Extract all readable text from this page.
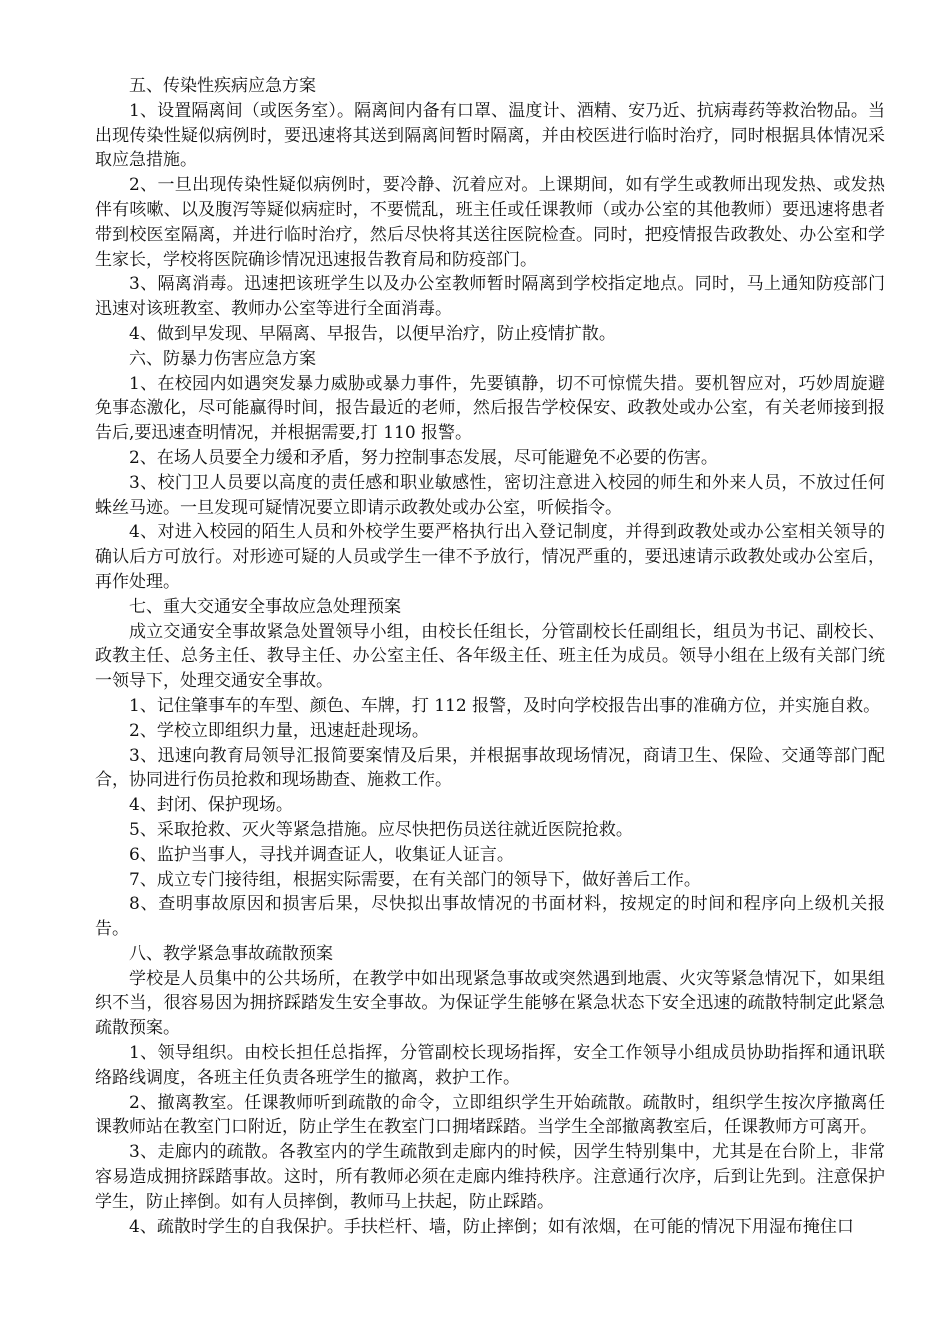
五、传染性疾病应急方案

1、设置隔离间（或医务室）。隔离间内备有口罩、温度计、酒精、安乃近、抗病毒药等救治物品。当出现传染性疑似病例时，要迅速将其送到隔离间暂时隔离，并由校医进行临时治疗，同时根据具体情况采取应急措施。

2、一旦出现传染性疑似病例时，要冷静、沉着应对。上课期间，如有学生或教师出现发热、或发热伴有咳嗽、以及腹泻等疑似病症时，不要慌乱，班主任或任课教师（或办公室的其他教师）要迅速将患者带到校医室隔离，并进行临时治疗，然后尽快将其送往医院检查。同时，把疫情报告政教处、办公室和学生家长，学校将医院确诊情况迅速报告教育局和防疫部门。

3、隔离消毒。迅速把该班学生以及办公室教师暂时隔离到学校指定地点。同时，马上通知防疫部门迅速对该班教室、教师办公室等进行全面消毒。

4、做到早发现、早隔离、早报告，以便早治疗，防止疫情扩散。

六、防暴力伤害应急方案

1、在校园内如遇突发暴力威胁或暴力事件，先要镇静，切不可惊慌失措。要机智应对，巧妙周旋避免事态激化，尽可能赢得时间，报告最近的老师，然后报告学校保安、政教处或办公室，有关老师接到报告后,要迅速查明情况，并根据需要,打 110 报警。

2、在场人员要全力缓和矛盾，努力控制事态发展，尽可能避免不必要的伤害。

3、校门卫人员要以高度的责任感和职业敏感性，密切注意进入校园的师生和外来人员，不放过任何蛛丝马迹。一旦发现可疑情况要立即请示政教处或办公室，听候指令。

4、对进入校园的陌生人员和外校学生要严格执行出入登记制度，并得到政教处或办公室相关领导的确认后方可放行。对形迹可疑的人员或学生一律不予放行，情况严重的，要迅速请示政教处或办公室后，再作处理。

七、重大交通安全事故应急处理预案

成立交通安全事故紧急处置领导小组，由校长任组长，分管副校长任副组长，组员为书记、副校长、政教主任、总务主任、教导主任、办公室主任、各年级主任、班主任为成员。领导小组在上级有关部门统一领导下，处理交通安全事故。

1、记住肇事车的车型、颜色、车牌，打 112 报警，及时向学校报告出事的准确方位，并实施自救。

2、学校立即组织力量，迅速赶赴现场。

3、迅速向教育局领导汇报简要案情及后果，并根据事故现场情况，商请卫生、保险、交通等部门配合，协同进行伤员抢救和现场勘查、施救工作。

4、封闭、保护现场。

5、采取抢救、灭火等紧急措施。应尽快把伤员送往就近医院抢救。

6、监护当事人，寻找并调查证人，收集证人证言。

7、成立专门接待组，根据实际需要，在有关部门的领导下，做好善后工作。

8、查明事故原因和损害后果，尽快拟出事故情况的书面材料，按规定的时间和程序向上级机关报告。

八、教学紧急事故疏散预案

学校是人员集中的公共场所，在教学中如出现紧急事故或突然遇到地震、火灾等紧急情况下，如果组织不当，很容易因为拥挤踩踏发生安全事故。为保证学生能够在紧急状态下安全迅速的疏散特制定此紧急疏散预案。

1、领导组织。由校长担任总指挥，分管副校长现场指挥，安全工作领导小组成员协助指挥和通讯联络路线调度，各班主任负责各班学生的撤离，救护工作。

2、撤离教室。任课教师听到疏散的命令，立即组织学生开始疏散。疏散时，组织学生按次序撤离任课教师站在教室门口附近，防止学生在教室门口拥堵踩踏。当学生全部撤离教室后，任课教师方可离开。

3、走廊内的疏散。各教室内的学生疏散到走廊内的时候，因学生特别集中，尤其是在台阶上，非常容易造成拥挤踩踏事故。这时，所有教师必须在走廊内维持秩序。注意通行次序，后到让先到。注意保护学生，防止摔倒。如有人员摔倒，教师马上扶起，防止踩踏。

4、疏散时学生的自我保护。手扶栏杆、墙，防止摔倒；如有浓烟，在可能的情况下用湿布掩住口
